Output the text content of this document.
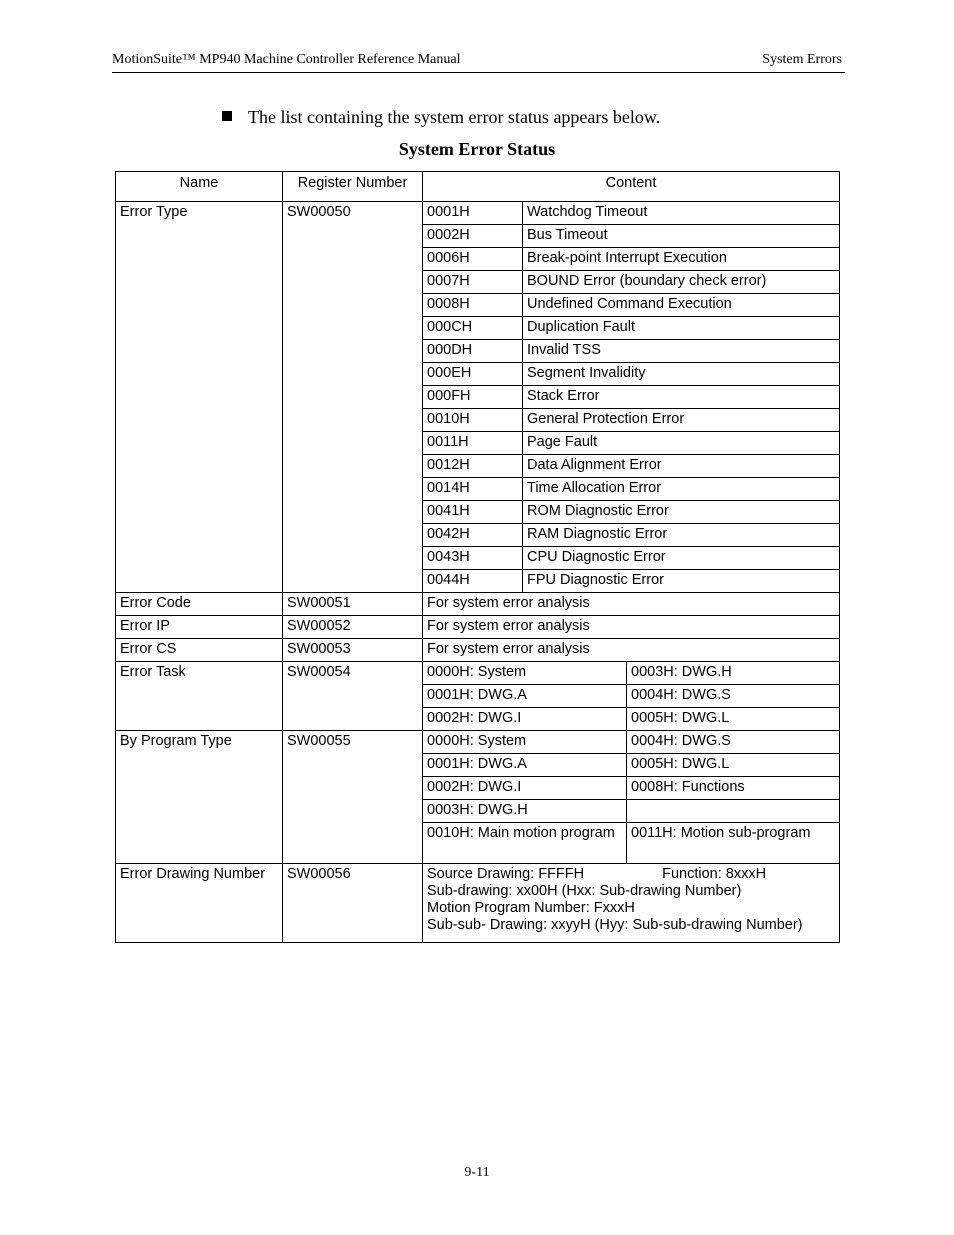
MotionSuite™ MP940 Machine Controller Reference Manual	System Errors
The list containing the system error status appears below.
System Error Status
Name	Register Number	Content		
Error Type	SW00050	0001H	Watchdog Timeout	
		0002H	Bus Timeout	
		0006H	Break-point Interrupt Execution	
		0007H	BOUND Error (boundary check error)	
		0008H	Undefined Command Execution	
		000CH	Duplication Fault	
		000DH	Invalid TSS	
		000EH	Segment Invalidity	
		000FH	Stack Error	
		0010H	General Protection Error	
		0011H	Page Fault	
		0012H	Data Alignment Error	
		0014H	Time Allocation Error	
		0041H	ROM Diagnostic Error	
		0042H	RAM Diagnostic Error	
		0043H	CPU Diagnostic Error	
		0044H	FPU Diagnostic Error	
Error Code	SW00051	For system error analysis		
Error IP	SW00052	For system error analysis		
Error CS	SW00053	For system error analysis		
Error Task	SW00054	0000H: System		0003H: DWG.H
		0001H: DWG.A		0004H: DWG.S
		0002H: DWG.I		0005H: DWG.L
By Program Type	SW00055	0000H: System		0004H: DWG.S
		0001H: DWG.A		0005H: DWG.L
		0002H: DWG.I		0008H: Functions
		0003H: DWG.H		
		0010H: Main motion program		0011H: Motion sub-program
Error Drawing Number	SW00056	Source Drawing: FFFFH Function: 8xxxH
Sub-drawing: xx00H (Hxx: Sub-drawing Number)
Motion Program Number: FxxxH
Sub-sub- Drawing: xxyyH (Hyy: Sub-sub-drawing Number)		
9-11
